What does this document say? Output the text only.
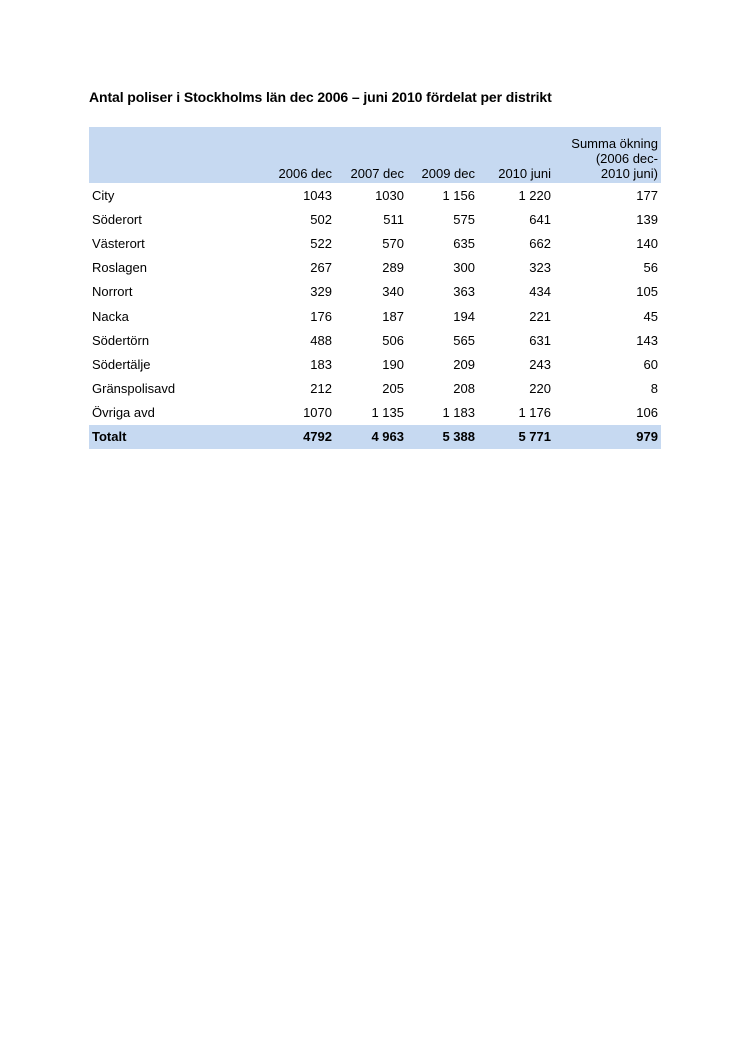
Antal poliser i Stockholms län dec 2006 – juni 2010 fördelat per distrikt
	2006 dec	2007 dec	2009 dec	2010 juni	Summa ökning
(2006 dec-
2010 juni)

City	1043	1030	1 156	1 220	177
Söderort	502	511	575	641	139
Västerort	522	570	635	662	140
Roslagen	267	289	300	323	56
Norrort	329	340	363	434	105
Nacka	176	187	194	221	45
Södertörn	488	506	565	631	143
Södertälje	183	190	209	243	60
Gränspolisavd	212	205	208	220	8
Övriga avd	1070	1 135	1 183	1 176	106
Totalt	4792	4 963	5 388	5 771	979
